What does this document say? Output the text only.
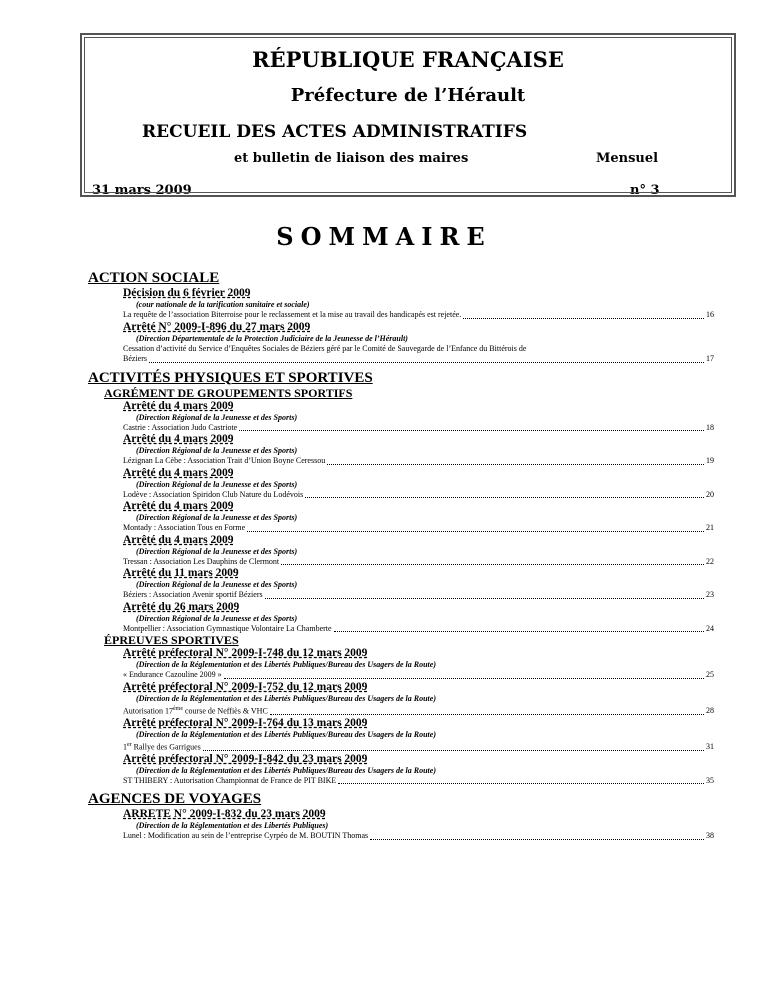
RÉPUBLIQUE FRANÇAISE
Préfecture de l’Hérault
RECUEIL DES ACTES ADMINISTRATIFS
et bulletin de liaison des maires	Mensuel
31 mars 2009	n° 3
SOMMAIRE
ACTION SOCIALE
Décision du 6 février 2009
(cour nationale de la tarification sanitaire et sociale)
La requête de l’association Biterroise pour le reclassement et la mise au travail des handicapés est rejetée.	16
Arrêté N° 2009-I-896 du 27 mars 2009
(Direction Départementale de la Protection Judiciaire de la Jeunesse de l’Hérault)
Cessation d’activité du Service d’Enquêtes Sociales de Béziers géré par le Comité de Sauvegarde de l’Enfance du Bittérois de
Béziers	17
ACTIVITÉS PHYSIQUES ET SPORTIVES
AGRÉMENT DE GROUPEMENTS SPORTIFS
Arrêté du 4 mars 2009
(Direction Régional de la Jeunesse et des Sports)
Castrie : Association Judo Castriote	18
Arrêté du 4 mars 2009
(Direction Régional de la Jeunesse et des Sports)
Lézignan La Cèbe : Association Trait d’Union Boyne Ceressou	19
Arrêté du 4 mars 2009
(Direction Régional de la Jeunesse et des Sports)
Lodève : Association Spiridon Club Nature du Lodévois	20
Arrêté du 4 mars 2009
(Direction Régional de la Jeunesse et des Sports)
Montady : Association Tous en Forme	21
Arrêté du 4 mars 2009
(Direction Régional de la Jeunesse et des Sports)
Tressan : Association Les Dauphins de Clermont	22
Arrêté du 11 mars 2009
(Direction Régional de la Jeunesse et des Sports)
Béziers : Association Avenir sportif Béziers	23
Arrêté du 26 mars 2009
(Direction Régional de la Jeunesse et des Sports)
Montpellier : Association Gymnastique Volontaire La Chamberte	24
ÉPREUVES SPORTIVES
Arrêté préfectoral N° 2009-I-748 du 12 mars 2009
(Direction de la Réglementation et des Libertés Publiques/Bureau des Usagers de la Route)
« Endurance Cazouline 2009 »	25
Arrêté préfectoral N° 2009-I-752 du 12 mars 2009
(Direction de la Réglementation et des Libertés Publiques/Bureau des Usagers de la Route)
Autorisation 17ème course de Neffiès & VHC	28
Arrêté préfectoral N° 2009-I-764 du 13 mars 2009
(Direction de la Réglementation et des Libertés Publiques/Bureau des Usagers de la Route)
1er Rallye des Garrigues	31
Arrêté préfectoral N° 2009-I-842 du 23 mars 2009
(Direction de la Réglementation et des Libertés Publiques/Bureau des Usagers de la Route)
ST THIBERY : Autorisation Championnat de France de PIT BIKE	35
AGENCES DE VOYAGES
ARRETE N° 2009-I-832 du 23 mars 2009
(Direction de la Réglementation et des Libertés Publiques)
Lunel : Modification au sein de l’entreprise Cyrpéo de M. BOUTIN Thomas	38
